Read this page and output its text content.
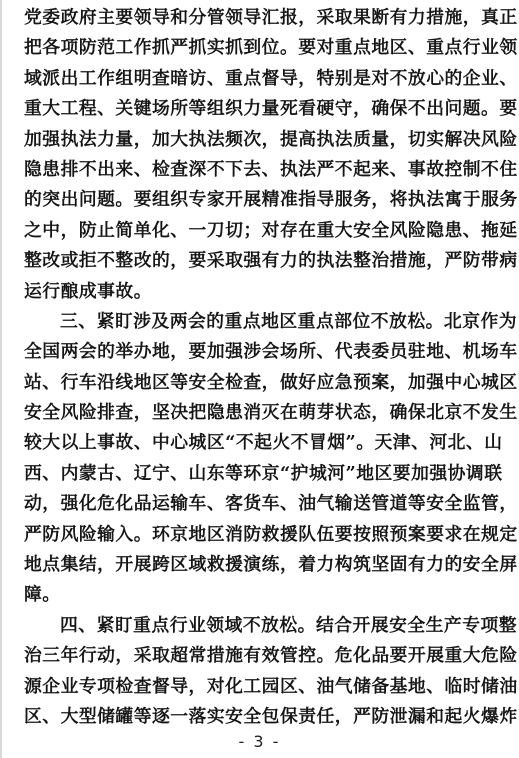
党委政府主要领导和分管领导汇报，采取果断有力措施，真正
把各项防范工作抓严抓实抓到位。要对重点地区、重点行业领
域派出工作组明查暗访、重点督导，特别是对不放心的企业、
重大工程、关键场所等组织力量死看硬守，确保不出问题。要
加强执法力量，加大执法频次，提高执法质量，切实解决风险
隐患排不出来、检查深不下去、执法严不起来、事故控制不住
的突出问题。要组织专家开展精准指导服务，将执法寓于服务
之中，防止简单化、一刀切；对存在重大安全风险隐患、拖延
整改或拒不整改的，要采取强有力的执法整治措施，严防带病
运行酿成事故。
三、紧盯涉及两会的重点地区重点部位不放松。北京作为
全国两会的举办地，要加强涉会场所、代表委员驻地、机场车
站、行车沿线地区等安全检查，做好应急预案，加强中心城区
安全风险排查，坚决把隐患消灭在萌芽状态，确保北京不发生
较大以上事故、中心城区“不起火不冒烟”。天津、河北、山
西、内蒙古、辽宁、山东等环京“护城河”地区要加强协调联
动，强化危化品运输车、客货车、油气输送管道等安全监管，
严防风险输入。环京地区消防救援队伍要按照预案要求在规定
地点集结，开展跨区域救援演练，着力构筑坚固有力的安全屏
障。
四、紧盯重点行业领域不放松。结合开展安全生产专项整
治三年行动，采取超常措施有效管控。危化品要开展重大危险
源企业专项检查督导，对化工园区、油气储备基地、临时储油
区、大型储罐等逐一落实安全包保责任，严防泄漏和起火爆炸
- 3 -
